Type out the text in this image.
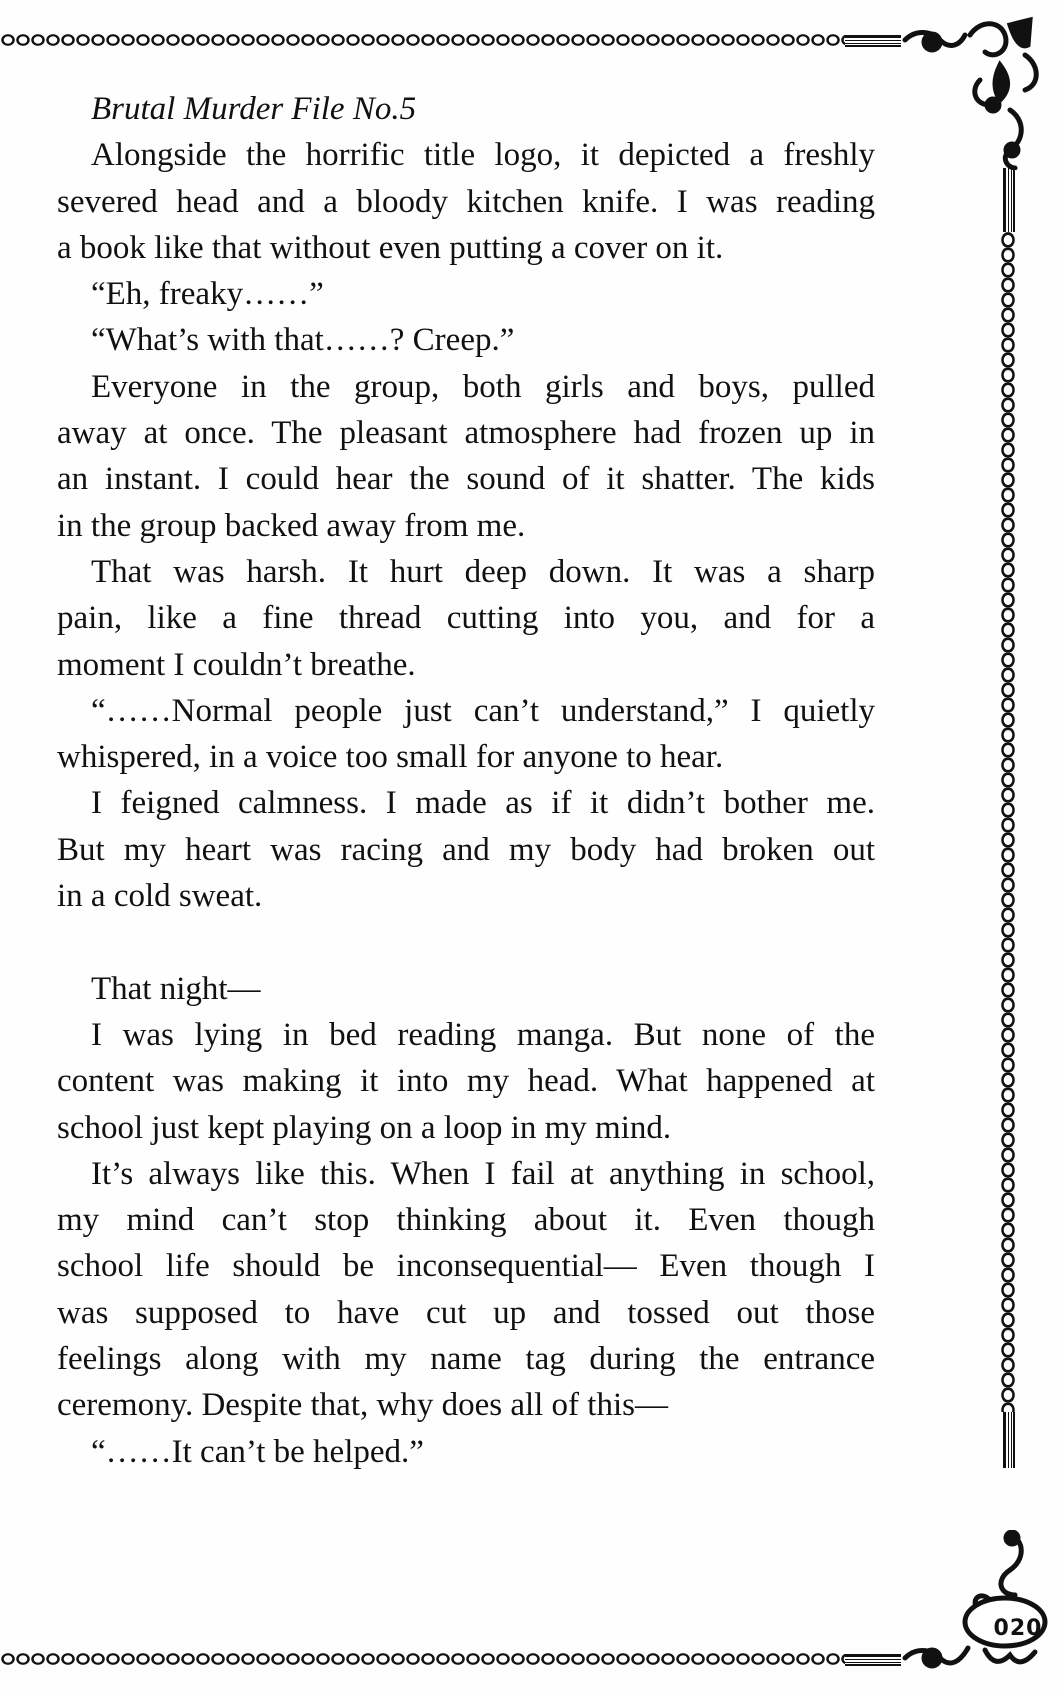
020
Brutal Murder File No.5
Alongside the horrific title logo, it depicted a freshly
severed head and a bloody kitchen knife. I was reading
a book like that without even putting a cover on it.
“Eh, freaky……”
“What’s with that……? Creep.”
Everyone in the group, both girls and boys, pulled
away at once. The pleasant atmosphere had frozen up in
an instant. I could hear the sound of it shatter. The kids
in the group backed away from me.
That was harsh. It hurt deep down. It was a sharp
pain, like a fine thread cutting into you, and for a
moment I couldn’t breathe.
“……Normal people just can’t understand,” I quietly
whispered, in a voice too small for anyone to hear.
I feigned calmness. I made as if it didn’t bother me.
But my heart was racing and my body had broken out
in a cold sweat.
That night—
I was lying in bed reading manga. But none of the
content was making it into my head. What happened at
school just kept playing on a loop in my mind.
It’s always like this. When I fail at anything in school,
my mind can’t stop thinking about it. Even though
school life should be inconsequential— Even though I
was supposed to have cut up and tossed out those
feelings along with my name tag during the entrance
ceremony. Despite that, why does all of this—
“……It can’t be helped.”
